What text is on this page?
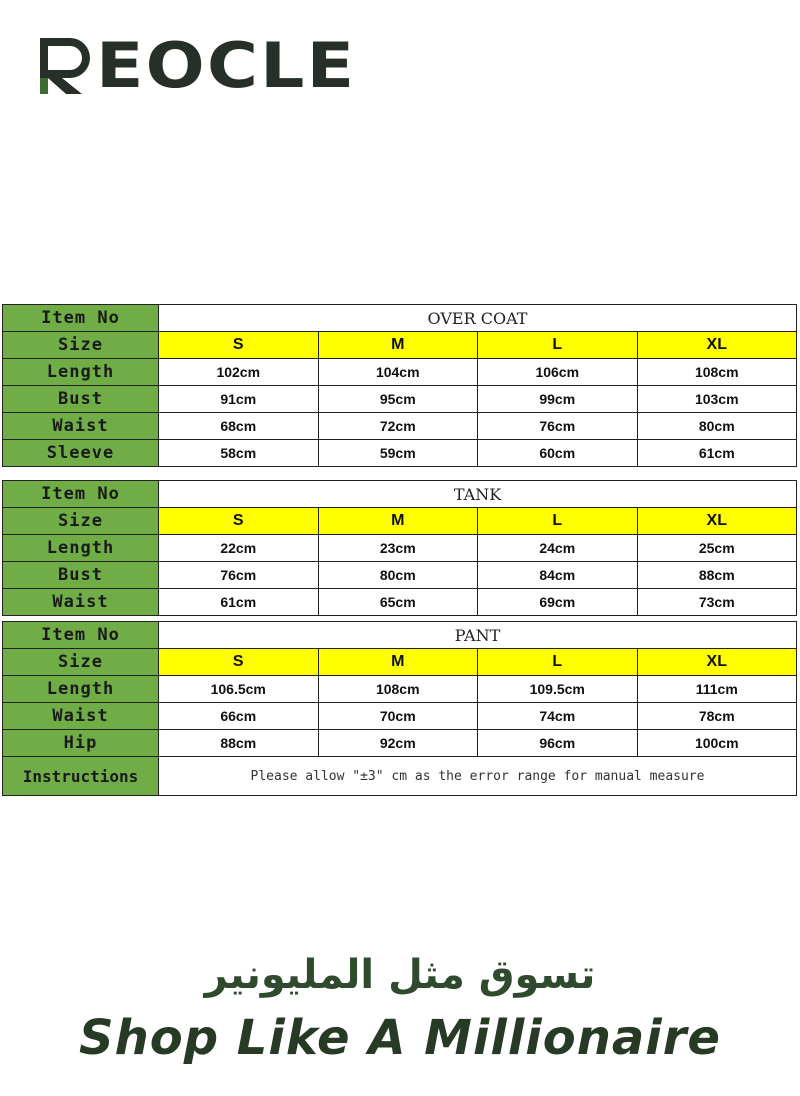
EOCLE
Item No	OVER COAT			
Size	S	M	L	XL
Length	102cm	104cm	106cm	108cm
Bust	91cm	95cm	99cm	103cm
Waist	68cm	72cm	76cm	80cm
Sleeve	58cm	59cm	60cm	61cm
Item No	TANK			
Size	S	M	L	XL
Length	22cm	23cm	24cm	25cm
Bust	76cm	80cm	84cm	88cm
Waist	61cm	65cm	69cm	73cm
Item No	PANT			
Size	S	M	L	XL
Length	106.5cm	108cm	109.5cm	111cm
Waist	66cm	70cm	74cm	78cm
Hip	88cm	92cm	96cm	100cm
Instructions	Please allow "±3" cm as the error range for manual measure			
تسوق مثل المليونير
Shop Like A Millionaire
